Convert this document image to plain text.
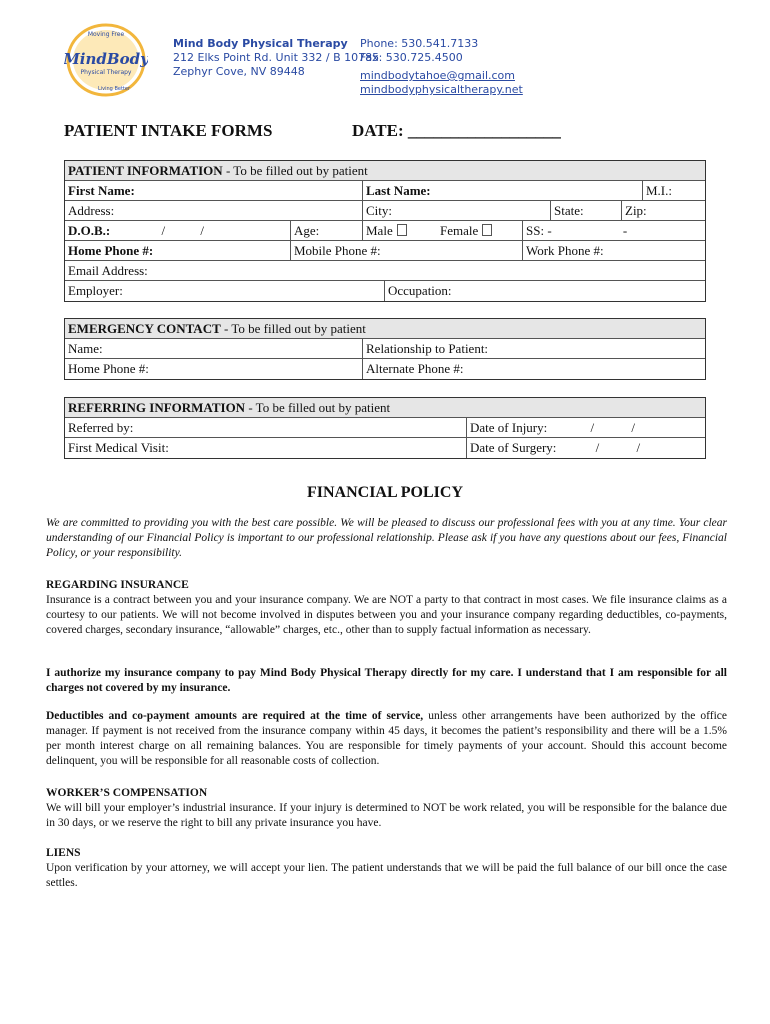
Moving Free
MindBody
Physical Therapy
Living Better
Mind Body Physical Therapy
212 Elks Point Rd. Unit 332 / B 10785
Zephyr Cove, NV 89448
Phone: 530.541.7133
Fax: 530.725.4500
mindbodytahoe@gmail.com
mindbodyphysicaltherapy.net
PATIENT INTAKE FORMS	DATE: __________________
PATIENT INFORMATION - To be filled out by patient
First Name:	Last Name:	M.I.:
Address:	City:	State:	Zip:
D.O.B.:	/	/	Age:	Male	Female	SS: -	-
Home Phone #:	Mobile Phone #:	Work Phone #:
Email Address:
Employer:	Occupation:
EMERGENCY CONTACT - To be filled out by patient
Name:	Relationship to Patient:
Home Phone #:	Alternate Phone #:
REFERRING INFORMATION - To be filled out by patient
Referred by:	Date of Injury:	/	/
First Medical Visit:	Date of Surgery:	/	/
FINANCIAL POLICY
We are committed to providing you with the best care possible. We will be pleased to discuss our professional fees with you at any time. Your clear understanding of our Financial Policy is important to our professional relationship. Please ask if you have any questions about our fees, Financial Policy, or your responsibility.
REGARDING INSURANCE
Insurance is a contract between you and your insurance company. We are NOT a party to that contract in most cases. We file insurance claims as a courtesy to our patients. We will not become involved in disputes between you and your insurance company regarding deductibles, co-payments, covered charges, secondary insurance, “allowable” charges, etc., other than to supply factual information as necessary.
I authorize my insurance company to pay Mind Body Physical Therapy directly for my care. I understand that I am responsible for all charges not covered by my insurance.
Deductibles and co-payment amounts are required at the time of service, unless other arrangements have been authorized by the office manager. If payment is not received from the insurance company within 45 days, it becomes the patient’s responsibility and there will be a 1.5% per month interest charge on all remaining balances. You are responsible for timely payments of your account. Should this account become delinquent, you will be responsible for all reasonable costs of collection.
WORKER’S COMPENSATION
We will bill your employer’s industrial insurance. If your injury is determined to NOT be work related, you will be responsible for the balance due in 30 days, or we reserve the right to bill any private insurance you have.
LIENS
Upon verification by your attorney, we will accept your lien. The patient understands that we will be paid the full balance of our bill once the case settles.
